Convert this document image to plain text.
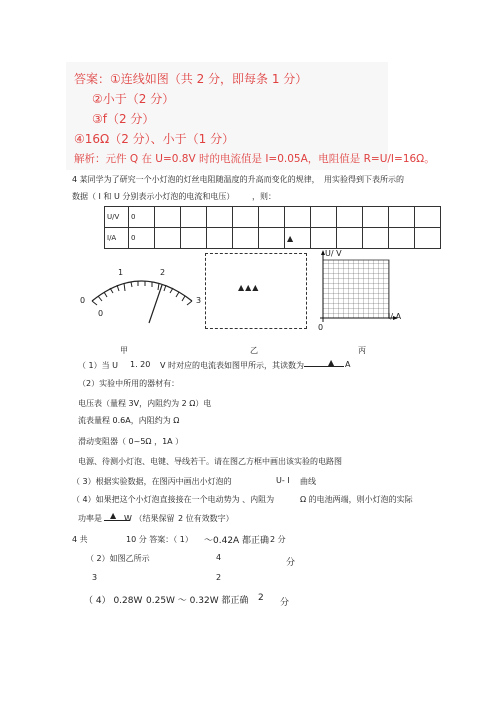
答案：①连线如图（共 2 分，即每条 1 分）
②小于（2 分）
③f（2 分）
④16Ω（2 分）、小于（1 分）
解析：元件 Q 在 U=0.8V 时的电流值是 I=0.05A，电阻值是 R=U/I=16Ω。
4 某同学为了研究一个小灯泡的灯丝电阻随温度的升高而变化的规律， 用实验得到下表所示的
数据（ I 和 U 分别表示小灯泡的电流和电压） ，则：
U/V	0											
I/A	0						▲					
1	2
0	3
0
▲▲▲
U/ V
I/ A
0
甲	乙	丙
（ 1）当 U 1. 20 V 时对应的电流表如图甲所示，其读数为	▲ A
（2）实验中所用的器材有：
电压表（量程 3V，内阻约为 2 Ω）电
流表量程 0.6A，内阻约为 Ω
滑动变阻器（ 0~5Ω ，1A ）
电源、待测小灯泡、电键、导线若干。请在图乙方框中画出该实验的电路图
（ 3）根据实验数据，在图丙中画出小灯泡的	U- I 曲线
（ 4）如果把这个小灯泡直接接在一个电动势为 、内阻为	Ω 的电池两端，则小灯泡的实际
功率是 ▲ W （结果保留 2 位有效数字）
4 共	10 分 答案：（ 1） ～0.42A 都正确 2 分
（ 2）如图乙所示	4
分
3	2
（ 4） 0.28W 0.25W ～ 0.32W 都正确 2 分
